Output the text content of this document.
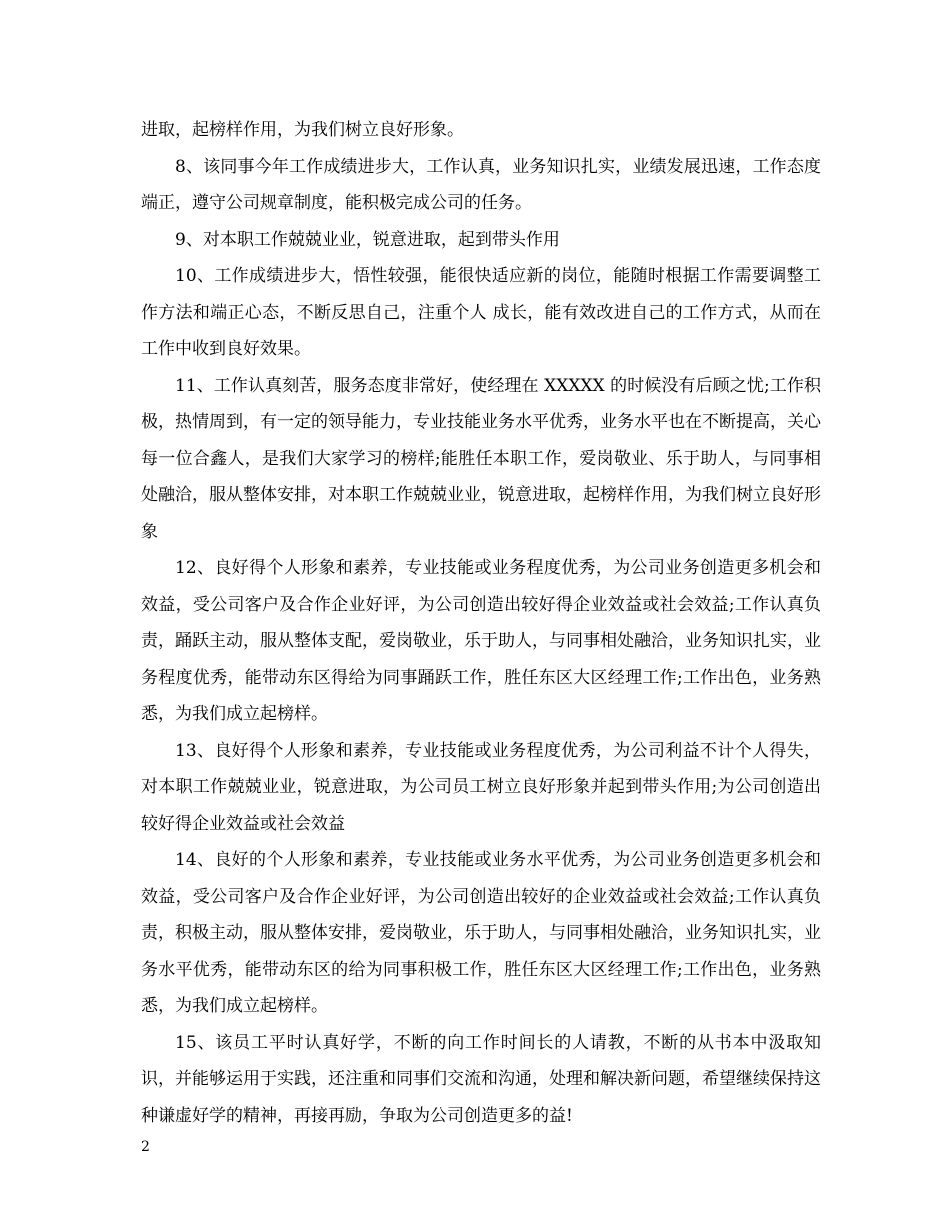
进取，起榜样作用，为我们树立良好形象。

8、该同事今年工作成绩进步大，工作认真，业务知识扎实，业绩发展迅速，工作态度端正，遵守公司规章制度，能积极完成公司的任务。

9、对本职工作兢兢业业，锐意进取，起到带头作用

10、工作成绩进步大，悟性较强，能很快适应新的岗位，能随时根据工作需要调整工作方法和端正心态，不断反思自己，注重个人 成长，能有效改进自己的工作方式，从而在工作中收到良好效果。

11、工作认真刻苦，服务态度非常好，使经理在 XXXXX 的时候没有后顾之忧;工作积极，热情周到，有一定的领导能力，专业技能业务水平优秀，业务水平也在不断提高，关心每一位合鑫人，是我们大家学习的榜样;能胜任本职工作，爱岗敬业、乐于助人，与同事相处融洽，服从整体安排，对本职工作兢兢业业，锐意进取，起榜样作用，为我们树立良好形象

12、良好得个人形象和素养，专业技能或业务程度优秀，为公司业务创造更多机会和效益，受公司客户及合作企业好评，为公司创造出较好得企业效益或社会效益;工作认真负责，踊跃主动，服从整体支配，爱岗敬业，乐于助人，与同事相处融洽，业务知识扎实，业务程度优秀，能带动东区得给为同事踊跃工作，胜任东区大区经理工作;工作出色，业务熟悉，为我们成立起榜样。

13、良好得个人形象和素养，专业技能或业务程度优秀，为公司利益不计个人得失，对本职工作兢兢业业，锐意进取，为公司员工树立良好形象并起到带头作用;为公司创造出较好得企业效益或社会效益

14、良好的个人形象和素养，专业技能或业务水平优秀，为公司业务创造更多机会和效益，受公司客户及合作企业好评，为公司创造出较好的企业效益或社会效益;工作认真负责，积极主动，服从整体安排，爱岗敬业，乐于助人，与同事相处融洽，业务知识扎实，业务水平优秀，能带动东区的给为同事积极工作，胜任东区大区经理工作;工作出色，业务熟悉，为我们成立起榜样。

15、该员工平时认真好学，不断的向工作时间长的人请教，不断的从书本中汲取知识，并能够运用于实践，还注重和同事们交流和沟通，处理和解决新问题，希望继续保持这种谦虚好学的精神，再接再励，争取为公司创造更多的益!

2
